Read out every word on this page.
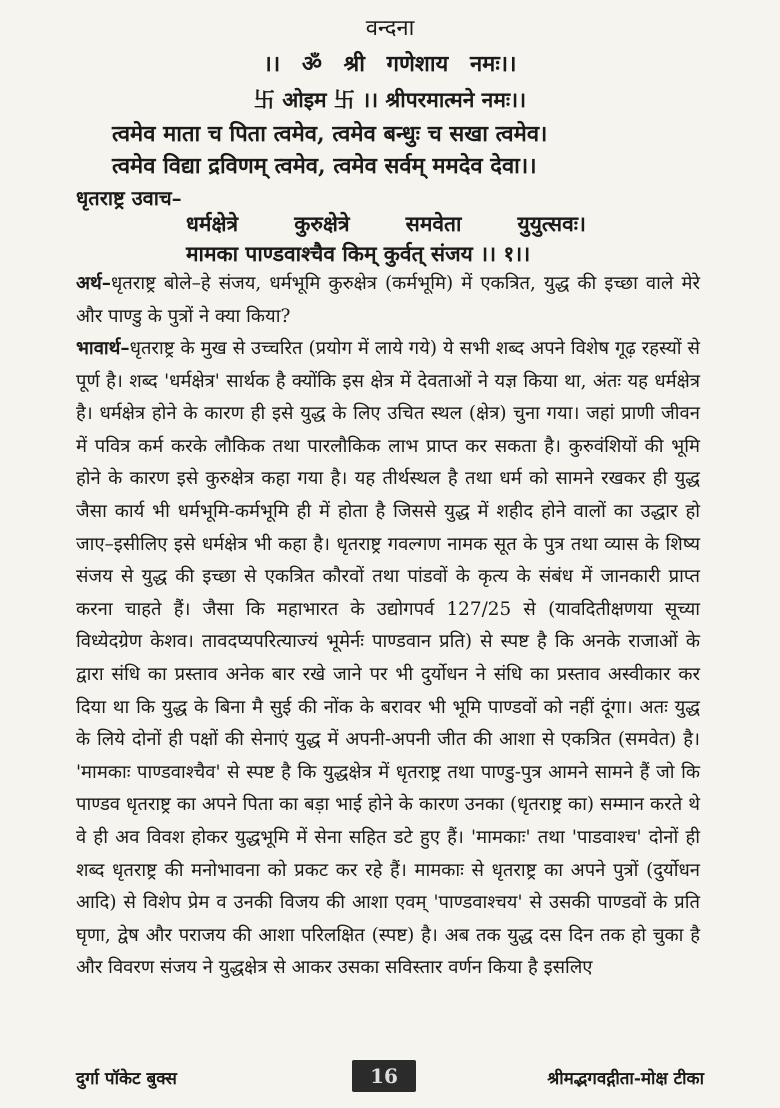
वन्दना
।। ॐ श्री गणेशाय नमः।।
卐 ओइम 卐 ।। श्रीपरमात्मने नमः।।
त्वमेव माता च पिता त्वमेव, त्वमेव बन्धुः च सखा त्वमेव।
त्वमेव विद्या द्रविणम् त्वमेव, त्वमेव सर्वम् ममदेव देवा।।
धृतराष्ट्र उवाच–
धर्मक्षेत्रे	कुरुक्षेत्रे	समवेता	युयुत्सवः।
मामका पाण्डवाश्चैव किम् कुर्वत् संजय ।। १।।
अर्थ–धृतराष्ट्र बोले–हे संजय, धर्मभूमि कुरुक्षेत्र (कर्मभूमि) में एकत्रित, युद्ध की इच्छा वाले मेरे और पाण्डु के पुत्रों ने क्या किया?
भावार्थ–धृतराष्ट्र के मुख से उच्चरित (प्रयोग में लाये गये) ये सभी शब्द अपने विशेष गूढ़ रहस्यों से पूर्ण है। शब्द 'धर्मक्षेत्र' सार्थक है क्योंकि इस क्षेत्र में देवताओं ने यज्ञ किया था, अंतः यह धर्मक्षेत्र है। धर्मक्षेत्र होने के कारण ही इसे युद्ध के लिए उचित स्थल (क्षेत्र) चुना गया। जहां प्राणी जीवन में पवित्र कर्म करके लौकिक तथा पारलौकिक लाभ प्राप्त कर सकता है। कुरुवंशियों की भूमि होने के कारण इसे कुरुक्षेत्र कहा गया है। यह तीर्थस्थल है तथा धर्म को सामने रखकर ही युद्ध जैसा कार्य भी धर्मभूमि-कर्मभूमि ही में होता है जिससे युद्ध में शहीद होने वालों का उद्धार हो जाए–इसीलिए इसे धर्मक्षेत्र भी कहा है। धृतराष्ट्र गवल्गण नामक सूत के पुत्र तथा व्यास के शिष्य संजय से युद्ध की इच्छा से एकत्रित कौरवों तथा पांडवों के कृत्य के संबंध में जानकारी प्राप्त करना चाहते हैं। जैसा कि महाभारत के उद्योगपर्व 127/25 से (यावदितीक्षणया सूच्या विध्येदग्रेण केशव। तावदप्यपरित्याज्यं भूमेर्नः पाण्डवान प्रति) से स्पष्ट है कि अनके राजाओं के द्वारा संधि का प्रस्ताव अनेक बार रखे जाने पर भी दुर्योधन ने संधि का प्रस्ताव अस्वीकार कर दिया था कि युद्ध के बिना मै सुई की नोंक के बरावर भी भूमि पाण्डवों को नहीं दूंगा। अतः युद्ध के लिये दोनों ही पक्षों की सेनाएं युद्ध में अपनी-अपनी जीत की आशा से एकत्रित (समवेत) है। 'मामकाः पाण्डवाश्चैव' से स्पष्ट है कि युद्धक्षेत्र में धृतराष्ट्र तथा पाण्डु-पुत्र आमने सामने हैं जो कि पाण्डव धृतराष्ट्र का अपने पिता का बड़ा भाई होने के कारण उनका (धृतराष्ट्र का) सम्मान करते थे वे ही अव विवश होकर युद्धभूमि में सेना सहित डटे हुए हैं। 'मामकाः' तथा 'पाडवाश्च' दोनों ही शब्द धृतराष्ट्र की मनोभावना को प्रकट कर रहे हैं। मामकाः से धृतराष्ट्र का अपने पुत्रों (दुर्योधन आदि) से विशेप प्रेम व उनकी विजय की आशा एवम् 'पाण्डवाश्चय' से उसकी पाण्डवों के प्रति घृणा, द्वेष और पराजय की आशा परिलक्षित (स्पष्ट) है। अब तक युद्ध दस दिन तक हो चुका है और विवरण संजय ने युद्धक्षेत्र से आकर उसका सविस्तार वर्णन किया है इसलिए
दुर्गा पॉकेट बुक्स	16	श्रीमद्भगवद्गीता-मोक्ष टीका
